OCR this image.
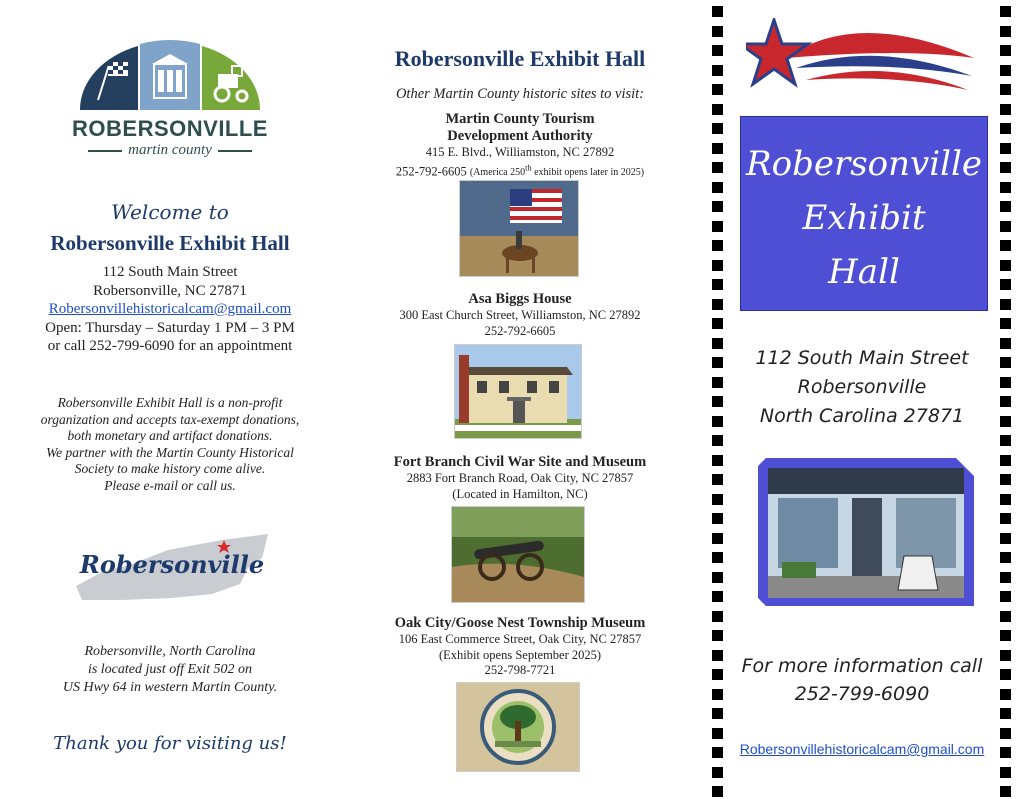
ROBERSONVILLE
martin county
Welcome to
Robersonville Exhibit Hall
112 South Main Street
Robersonville, NC 27871
Robersonvillehistoricalcam@gmail.com
Open: Thursday – Saturday 1 PM – 3 PM
or call 252-799-6090 for an appointment
Robersonville Exhibit Hall is a non-profit
organization and accepts tax-exempt donations,
both monetary and artifact donations.
We partner with the Martin County Historical
Society to make history come alive.
Please e-mail or call us.
Robersonville
Robersonville, North Carolina
is located just off Exit 502 on
US Hwy 64 in western Martin County.
Thank you for visiting us!
Robersonville Exhibit Hall
Other Martin County historic sites to visit:
Martin County Tourism
Development Authority
415 E. Blvd., Williamston, NC 27892
252-792-6605 (America 250th exhibit opens later in 2025)
Asa Biggs House
300 East Church Street, Williamston, NC 27892
252-792-6605
Fort Branch Civil War Site and Museum
2883 Fort Branch Road, Oak City, NC 27857
(Located in Hamilton, NC)
Oak City/Goose Nest Township Museum
106 East Commerce Street, Oak City, NC 27857
(Exhibit opens September 2025)
252-798-7721
Robersonville
Exhibit
Hall
112 South Main Street
Robersonville
North Carolina 27871
For more information call
252-799-6090
Robersonvillehistoricalcam@gmail.com
